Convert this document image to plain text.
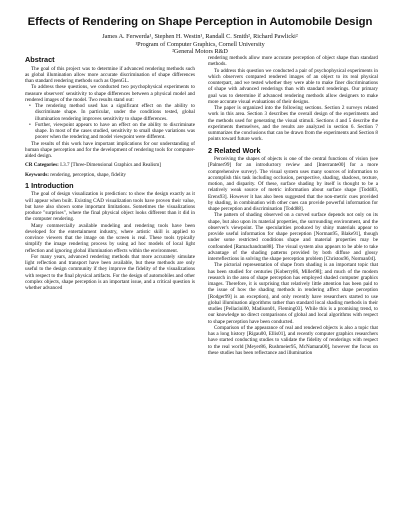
Effects of Rendering on Shape Perception in Automobile Design
James A. Ferwerda¹, Stephen H. Westin¹, Randall C. Smith², Richard Pawlicki²
¹Program of Computer Graphics, Cornell University
²General Motors R&D
Abstract

The goal of this project was to determine if advanced rendering methods such as global illumination allow more accurate discrimination of shape differences than standard rendering methods such as OpenGL.

To address these questions, we conducted two psychophysical experiments to measure observers' sensitivity to shape differences between a physical model and rendered images of the model. Two results stand out:

• The rendering method used has a significant effect on the ability to discriminate shape. In particular, under the conditions tested, global illumination rendering improves sensitivity to shape differences.
• Further, viewpoint appears to have an effect on the ability to discriminate shape. In most of the cases studied, sensitivity to small shape variations was poorer when the rendering and model viewpoint were different.

The results of this work have important implications for our understanding of human shape perception and for the development of rendering tools for computer-aided design.

CR Categories: I.3.7 [Three-Dimensional Graphics and Realism]
Keywords: rendering, perception, shape, fidelity
1 Introduction

The goal of design visualization is prediction: to show the design exactly as it will appear when built. Existing CAD visualization tools have proven their value, but have also shown some important limitations. Sometimes the visualizations produce "surprises", where the final physical object looks different than it did in the computer rendering.

Many commercially available modeling and rendering tools have been developed for the entertainment industry, where artistic skill is applied to convince viewers that the image on the screen is real. These tools typically simplify the image rendering process by using ad hoc models of local light reflection and ignoring global illumination effects within the environment.

For many years, advanced rendering methods that more accurately simulate light reflection and transport have been available, but these methods are only useful to the design community if they improve the fidelity of the visualizations with respect to the final physical artifacts. For the design of automobiles and other complex objects, shape perception is an important issue, and a critical question is whether advanced

rendering methods allow more accurate perception of object shape than standard methods.

To address this question we conducted a pair of psychophysical experiments in which observers compared rendered images of an object to its real physical counterpart, and we tested whether they were able to make finer discriminations of shape with advanced renderings than with standard renderings. Our primary goal was to determine if advanced rendering methods allow designers to make more accurate visual evaluations of their designs.

The paper is organized into the following sections. Section 2 surveys related work in this area. Section 3 describes the overall design of the experiments and the methods used for generating the visual stimuli. Sections 4 and 5 describe the experiments themselves, and the results are analyzed in section 6. Section 7 summarizes the conclusions that can be drawn from the experiments and Section 8 points toward future work.

2 Related Work

Perceiving the shapes of objects is one of the central functions of vision (see [Palmer99] for an introductory review and [Interrante00] for a more comprehensive survey). The visual system uses many sources of information to accomplish this task including occlusion, perspective, shading, shadows, texture, motion, and disparity. Of these, surface shading by itself is thought to be a relatively weak source of metric information about surface shape [Todd83, Erens93]. However it has also been suggested that the non-metric cues provided by shading, in combination with other cues can provide powerful information for shape perception and discrimination [Todd88].

The pattern of shading observed on a curved surface depends not only on its shape, but also upon its material properties, the surrounding environment, and the observer's viewpoint. The specularities produced by shiny materials appear to provide useful information for shape perception [Norman95, Blake91], though under some restricted conditions shape and material properties may be confounded [Ramachandran88]. The visual system also appears to be able to take advantage of the shading patterns provided by both diffuse and glossy interreflections in solving the shape perception problem [Christou96, Norman04].

The pictorial representation of shape from shading is an important topic that has been studied for centuries [Koberry86, Miller98]; and much of the modern research in the area of shape perception has employed shaded computer graphics images. Therefore, it is surprising that relatively little attention has been paid to the issue of how the shading methods in rendering affect shape perception [Rodger99] is an exception), and only recently have researchers started to use global illumination algorithms rather than standard local shading methods in their studies [Pellacini00, Madison01, Fleming03]. While this is a promising trend, to our knowledge no direct comparisons of global and local algorithms with respect to shape perception have been conducted.

Comparison of the appearance of real and rendered objects is also a topic that has a long history [Rigau00, Ellis01], and recently computer graphics researchers have started conducting studies to validate the fidelity of renderings with respect to the real world [Meyer86, Rushmeier95, McNamara00], however the focus on these studies has been reflectance and illumination
